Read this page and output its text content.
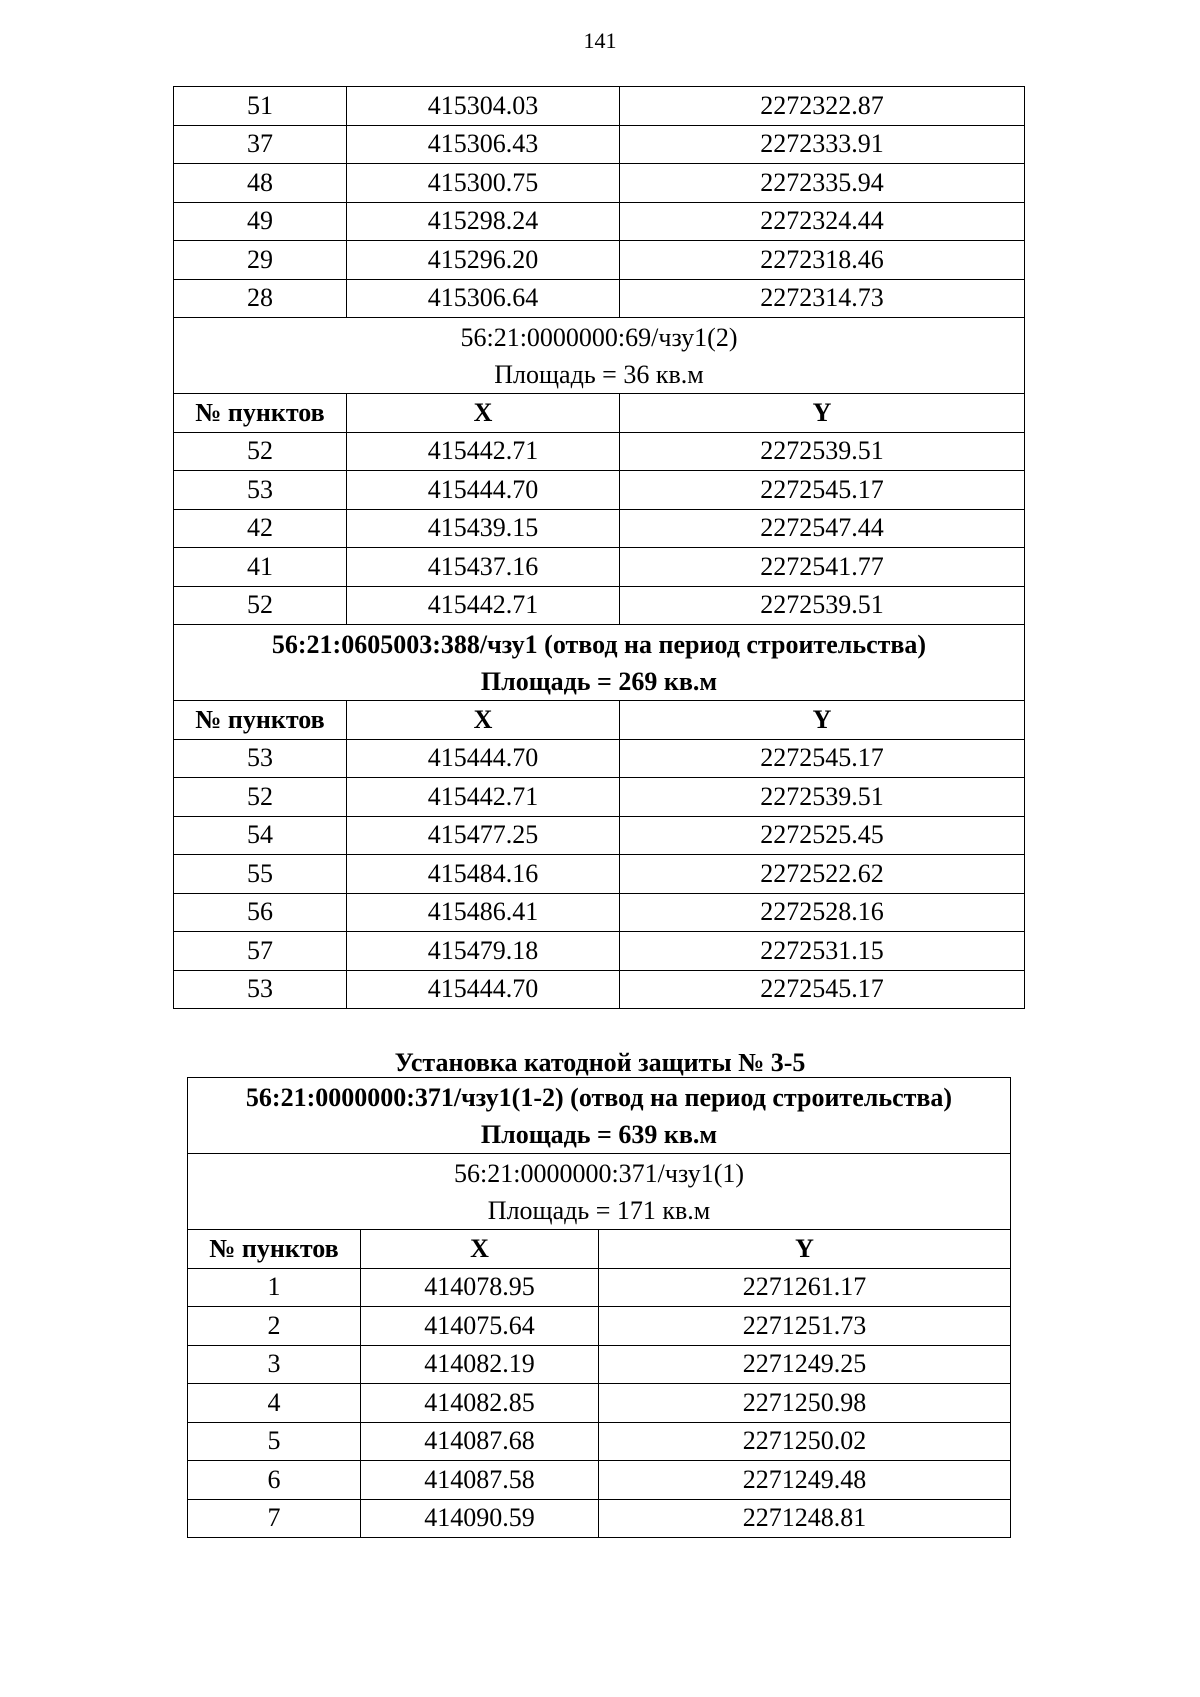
141
51	415304.03	2272322.87
37	415306.43	2272333.91
48	415300.75	2272335.94
49	415298.24	2272324.44
29	415296.20	2272318.46
28	415306.64	2272314.73

56:21:0000000:69/чзу1(2)
Площадь = 36 кв.м		

№ пунктов	X	Y
52	415442.71	2272539.51
53	415444.70	2272545.17
42	415439.15	2272547.44
41	415437.16	2272541.77
52	415442.71	2272539.51

56:21:0605003:388/чзу1 (отвод на период строительства)
Площадь = 269 кв.м		

№ пунктов	X	Y
53	415444.70	2272545.17
52	415442.71	2272539.51
54	415477.25	2272525.45
55	415484.16	2272522.62
56	415486.41	2272528.16
57	415479.18	2272531.15
53	415444.70	2272545.17
Установка катодной защиты № 3-5
56:21:0000000:371/чзу1(1-2) (отвод на период строительства)
Площадь = 639 кв.м		

56:21:0000000:371/чзу1(1)
Площадь = 171 кв.м		

№ пунктов	X	Y
1	414078.95	2271261.17
2	414075.64	2271251.73
3	414082.19	2271249.25
4	414082.85	2271250.98
5	414087.68	2271250.02
6	414087.58	2271249.48
7	414090.59	2271248.81
